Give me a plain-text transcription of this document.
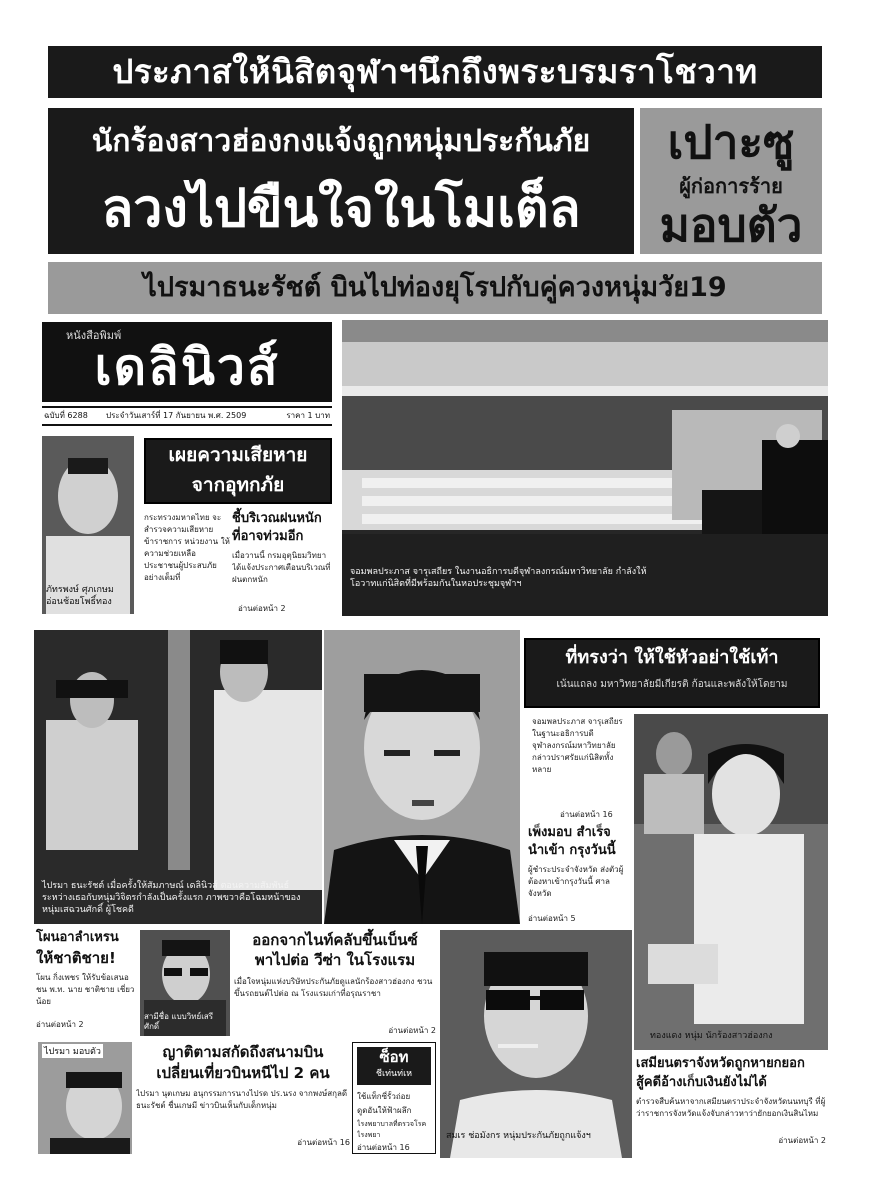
ประภาสให้นิสิตจุฬาฯนึกถึงพระบรมราโชวาท
นักร้องสาวฮ่องกงแจ้งถูกหนุ่มประกันภัย
ลวงไปขืนใจในโมเต็ล
เปาะซู
ผู้ก่อการร้าย
มอบตัว
ไปรมาธนะรัชต์ บินไปท่องยุโรปกับคู่ควงหนุ่มวัย19
หนังสือพิมพ์
เดลินิวส์
ฉบับที่ 6288 ประจำวันเสาร์ที่ 17 กันยายน พ.ศ. 2509	ราคา 1 บาท
จอมพลประภาส จารุเสถียร ในงานอธิการบดีจุฬาลงกรณ์มหาวิทยาลัย กำลังให้โอวาทแก่นิสิตที่มีพร้อมกันในหอประชุมจุฬาฯ
ภัทรพงษ์ ศุภเกษม อ่อนช้อยโพธิ์ทอง
เผยความเสียหาย
จากอุทกภัย
กระทรวงมหาดไทย จะสำรวจความเสียหาย ข้าราชการ หน่วยงาน ให้ความช่วยเหลือ ประชาชนผู้ประสบภัย อย่างเต็มที่
ชี้บริเวณฝนหนัก
ที่อาจท่วมอีก
เมื่อวานนี้ กรมอุตุนิยมวิทยา ได้แจ้งประกาศเตือนบริเวณที่ฝนตกหนัก
อ่านต่อหน้า 2
ไปรมา ธนะรัชต์ เมื่อครั้งให้สัมภาษณ์ เดลินิวส์ ตอนความสัมพันธ์ระหว่างเธอกับหนุ่มวิจิตรกำลังเป็นครั้งแรก ภาพขวาคือโฉมหน้าของหนุ่มเสฉวนศักดิ์ ผู้โชคดี
ที่ทรงว่า ให้ใช้หัวอย่าใช้เท้า
เน้นแถลง มหาวิทยาลัยมีเกียรติ ก้อนและพลังให้โดยาม
จอมพลประภาส จารุเสถียร ในฐานะอธิการบดีจุฬาลงกรณ์มหาวิทยาลัย กล่าวปราศรัยแก่นิสิตทั้งหลาย
อ่านต่อหน้า 16
เพ็งมอบ สำเร็จ
นำเข้า กรุงวันนี้
ผู้ชำระประจำจังหวัด ส่งตัวผู้ต้องหาเข้ากรุงวันนี้ ศาลจังหวัด
อ่านต่อหน้า 5
ทองแดง หนุ่ม นักร้องสาวฮ่องกง
โผนอาลำเหรน
ให้ชาติชาย!
โผน กิ่งเพชร ให้รับข้อเสนอชน พ.ท. นาย ชาติชาย เชี่ยวน้อย
อ่านต่อหน้า 2
สามีชื่อ แบบวิทย์เสรีศักดิ์
ออกจากไนท์คลับขึ้นเบ็นซ์
พาไปต่อ วีซ่า ในโรงแรม
เมื่อใจหนุ่มแห่งบริษัทประกันภัยดูแลนักร้องสาวฮ่องกง ชวนขึ้นรถยนต์ไปต่อ ณ โรงแรมเก่าที่อรุณราชา
อ่านต่อหน้า 2
สมเร ช่อมังกร หนุ่มประกันภัยถูกแจ้งฯ
ไปรมา มอบตัว	ญาติตามสกัดถึงสนามบิน
เปลี่ยนเที่ยวบินหนีไป 2 คน
ไปรมา นุตเกษม อนุกรรมการนางไปรด ปร.นรง จากพงษ์สกุลดี ธนะรัชต์ ชื่นเกษมี ข่าวบินเห็นกับเด็กหนุ่ม
อ่านต่อหน้า 16
ซ็อท
ชีเท่นท่เห
ใช้แท็กซี่รั้วถ่อย
ดูดอันให้ฟ้าผลึก
ไรงพยาบาลที่ตรวจโรคไรงพยา
อ่านต่อหน้า 16
เสมียนตราจังหวัดถูกหายกยอก
สู้คดีอ้างเก็บเงินยังไม่ได้
ตำรวจสืบค้นหาจากเสมียนตราประจำจังหวัดนนทบุรี ที่ผู้ว่าราชการจังหวัดแจ้งจับกล่าวหาว่ายักยอกเงินสินไหม
อ่านต่อหน้า 2
